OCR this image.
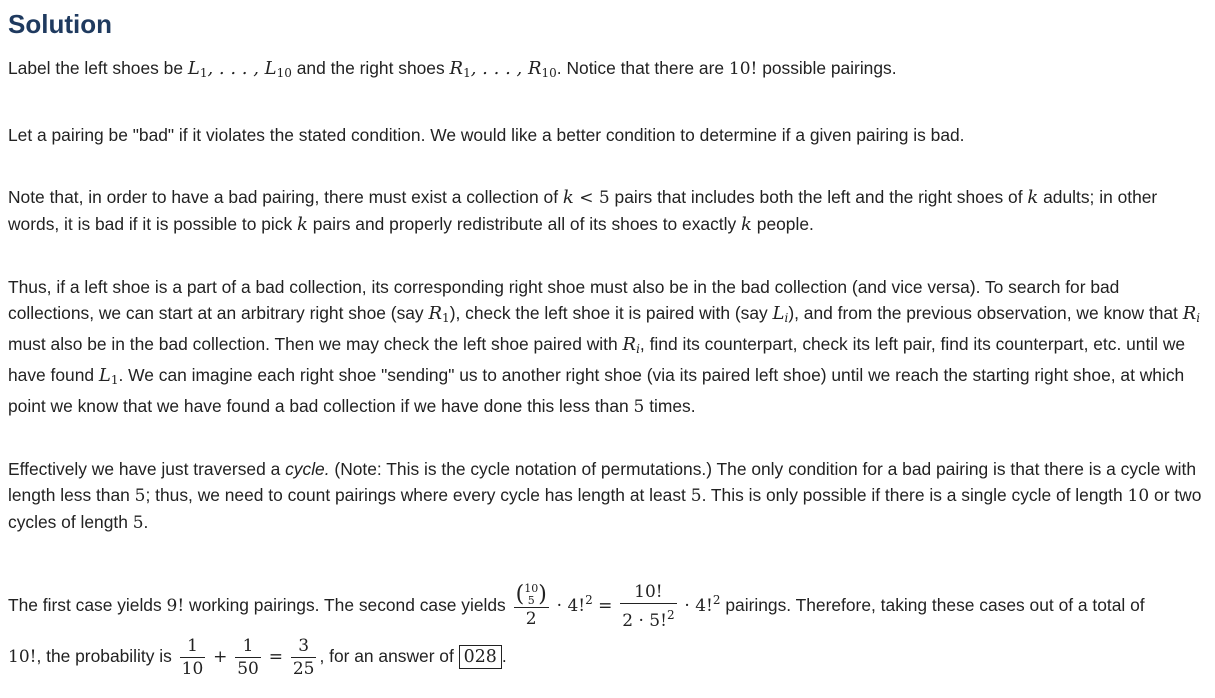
Solution
Label the left shoes be $L_1$, . . . , $L_{10}$ and the right shoes $R_1$, . . . , $R_{10}$. Notice that there are 10! possible pairings.
Let a pairing be "bad" if it violates the stated condition. We would like a better condition to determine if a given pairing is bad.
Note that, in order to have a bad pairing, there must exist a collection of k < 5 pairs that includes both the left and the right shoes of k adults; in other words, it is bad if it is possible to pick k pairs and properly redistribute all of its shoes to exactly k people.
Thus, if a left shoe is a part of a bad collection, its corresponding right shoe must also be in the bad collection (and vice versa). To search for bad collections, we can start at an arbitrary right shoe (say $R_1$), check the left shoe it is paired with (say $L_i$), and from the previous observation, we know that $R_i$ must also be in the bad collection. Then we may check the left shoe paired with $R_i$, find its counterpart, check its left pair, find its counterpart, etc. until we have found $L_1$. We can imagine each right shoe "sending" us to another right shoe (via its paired left shoe) until we reach the starting right shoe, at which point we know that we have found a bad collection if we have done this less than 5 times.
Effectively we have just traversed a cycle. (Note: This is the cycle notation of permutations.) The only condition for a bad pairing is that there is a cycle with length less than 5; thus, we need to count pairings where every cycle has length at least 5. This is only possible if there is a single cycle of length 10 or two cycles of length 5.
The first case yields 9! working pairings. The second case yields (10
5 )
2
· $4!^2 = \frac{10!}{2 \cdot 5!^2} \cdot 4!^2$ pairings. Therefore, taking these cases out of a total of
10!, the probability is $\frac{1}{10} + \frac{1}{50} = \frac{3}{25}$ , for an answer of 028 .
